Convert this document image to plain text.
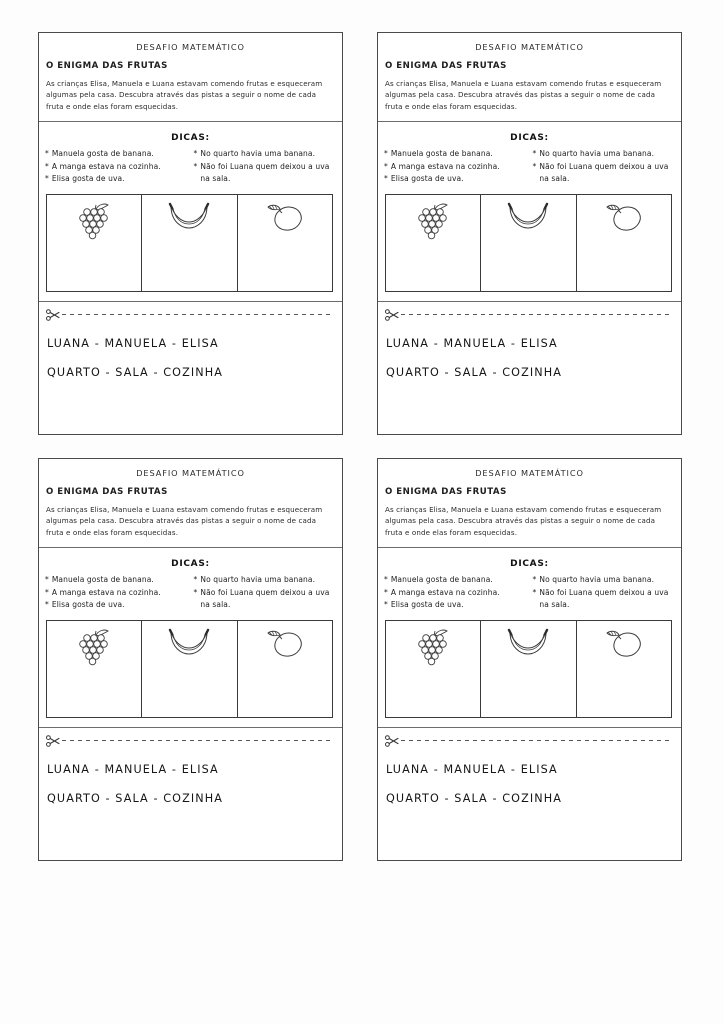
DESAFIO MATEMÁTICO
O ENIGMA DAS FRUTAS
As crianças Elisa, Manuela e Luana estavam comendo frutas e esqueceram algumas pela casa. Descubra através das pistas a seguir o nome de cada fruta e onde elas foram esquecidas.
DICAS:
* Manuela gosta de banana.
* A manga estava na cozinha.
* Elisa gosta de uva.
* No quarto havia uma banana.
* Não foi Luana quem deixou a uva na sala.
LUANA - MANUELA - ELISA
QUARTO - SALA - COZINHA
DESAFIO MATEMÁTICO
O ENIGMA DAS FRUTAS
As crianças Elisa, Manuela e Luana estavam comendo frutas e esqueceram algumas pela casa. Descubra através das pistas a seguir o nome de cada fruta e onde elas foram esquecidas.
DICAS:
* Manuela gosta de banana.
* A manga estava na cozinha.
* Elisa gosta de uva.
* No quarto havia uma banana.
* Não foi Luana quem deixou a uva na sala.
LUANA - MANUELA - ELISA
QUARTO - SALA - COZINHA
DESAFIO MATEMÁTICO
O ENIGMA DAS FRUTAS
As crianças Elisa, Manuela e Luana estavam comendo frutas e esqueceram algumas pela casa. Descubra através das pistas a seguir o nome de cada fruta e onde elas foram esquecidas.
DICAS:
* Manuela gosta de banana.
* A manga estava na cozinha.
* Elisa gosta de uva.
* No quarto havia uma banana.
* Não foi Luana quem deixou a uva na sala.
LUANA - MANUELA - ELISA
QUARTO - SALA - COZINHA
DESAFIO MATEMÁTICO
O ENIGMA DAS FRUTAS
As crianças Elisa, Manuela e Luana estavam comendo frutas e esqueceram algumas pela casa. Descubra através das pistas a seguir o nome de cada fruta e onde elas foram esquecidas.
DICAS:
* Manuela gosta de banana.
* A manga estava na cozinha.
* Elisa gosta de uva.
* No quarto havia uma banana.
* Não foi Luana quem deixou a uva na sala.
LUANA - MANUELA - ELISA
QUARTO - SALA - COZINHA
